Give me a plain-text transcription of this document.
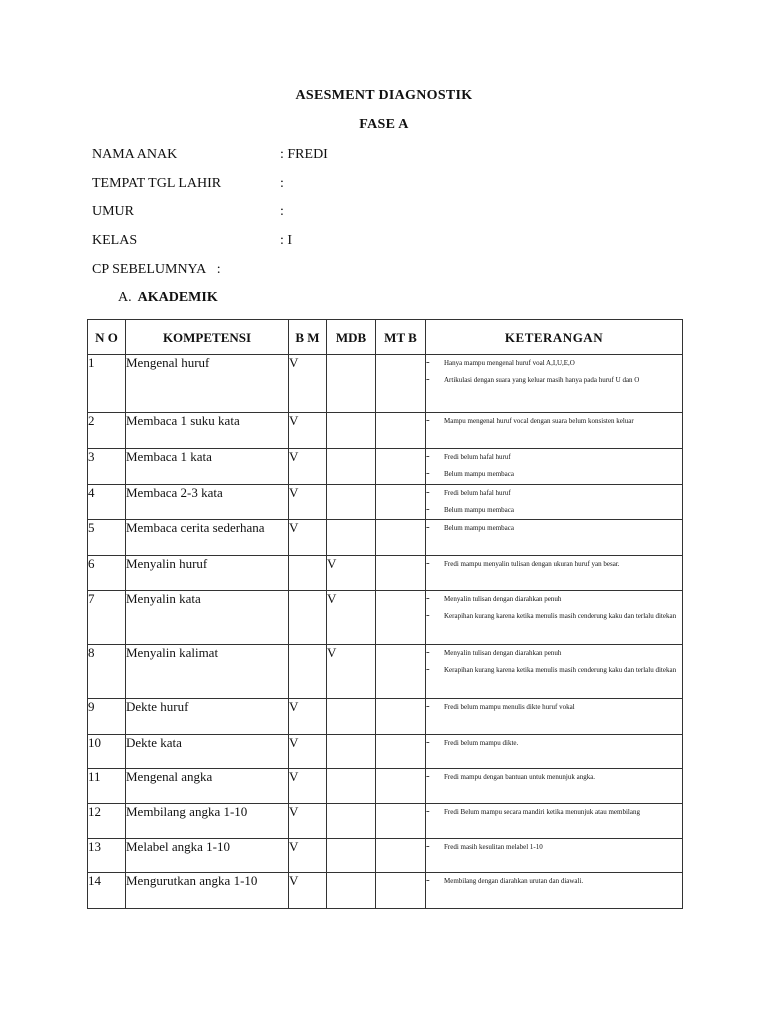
ASESMENT DIAGNOSTIK
FASE A
NAMA ANAK	: FREDI
TEMPAT TGL LAHIR	:
UMUR	:
KELAS	: I
CP SEBELUMNYA :
A. AKADEMIK
N O	KOMPETENSI	B M	MDB	MT B	KETERANGAN
1	Mengenal huruf	V			- Hanya mampu mengenal huruf voal A,I,U,E,O
- Artikulasi dengan suara yang keluar masih hanya pada huruf U dan O

2	Membaca 1 suku kata	V			- Mampu mengenal huruf vocal dengan suara belum konsisten keluar

3	Membaca 1 kata	V			- Fredi belum hafal huruf
- Belum mampu membaca

4	Membaca 2-3 kata	V			- Fredi belum hafal huruf
- Belum mampu membaca

5	Membaca cerita sederhana	V			- Belum mampu membaca

6	Menyalin huruf		V		- Fredi mampu menyalin tulisan dengan ukuran huruf yan besar.

7	Menyalin kata		V		- Menyalin tulisan dengan diarahkan penuh
- Kerapihan kurang karena ketika menulis masih cenderung kaku dan terlalu ditekan

8	Menyalin kalimat		V		- Menyalin tulisan dengan diarahkan penuh
- Kerapihan kurang karena ketika menulis masih cenderung kaku dan terlalu ditekan

9	Dekte huruf	V			- Fredi belum mampu menulis dikte huruf vokal

10	Dekte kata	V			- Fredi belum mampu dikte.

11	Mengenal angka	V			- Fredi mampu dengan bantuan untuk menunjuk angka.

12	Membilang angka 1-10	V			- Fredi Belum mampu secara mandiri ketika menunjuk atau membilang

13	Melabel angka 1-10	V			- Fredi masih kesulitan melabel 1-10

14	Mengurutkan angka 1-10	V			- Membilang dengan diarahkan urutan dan diawali.
